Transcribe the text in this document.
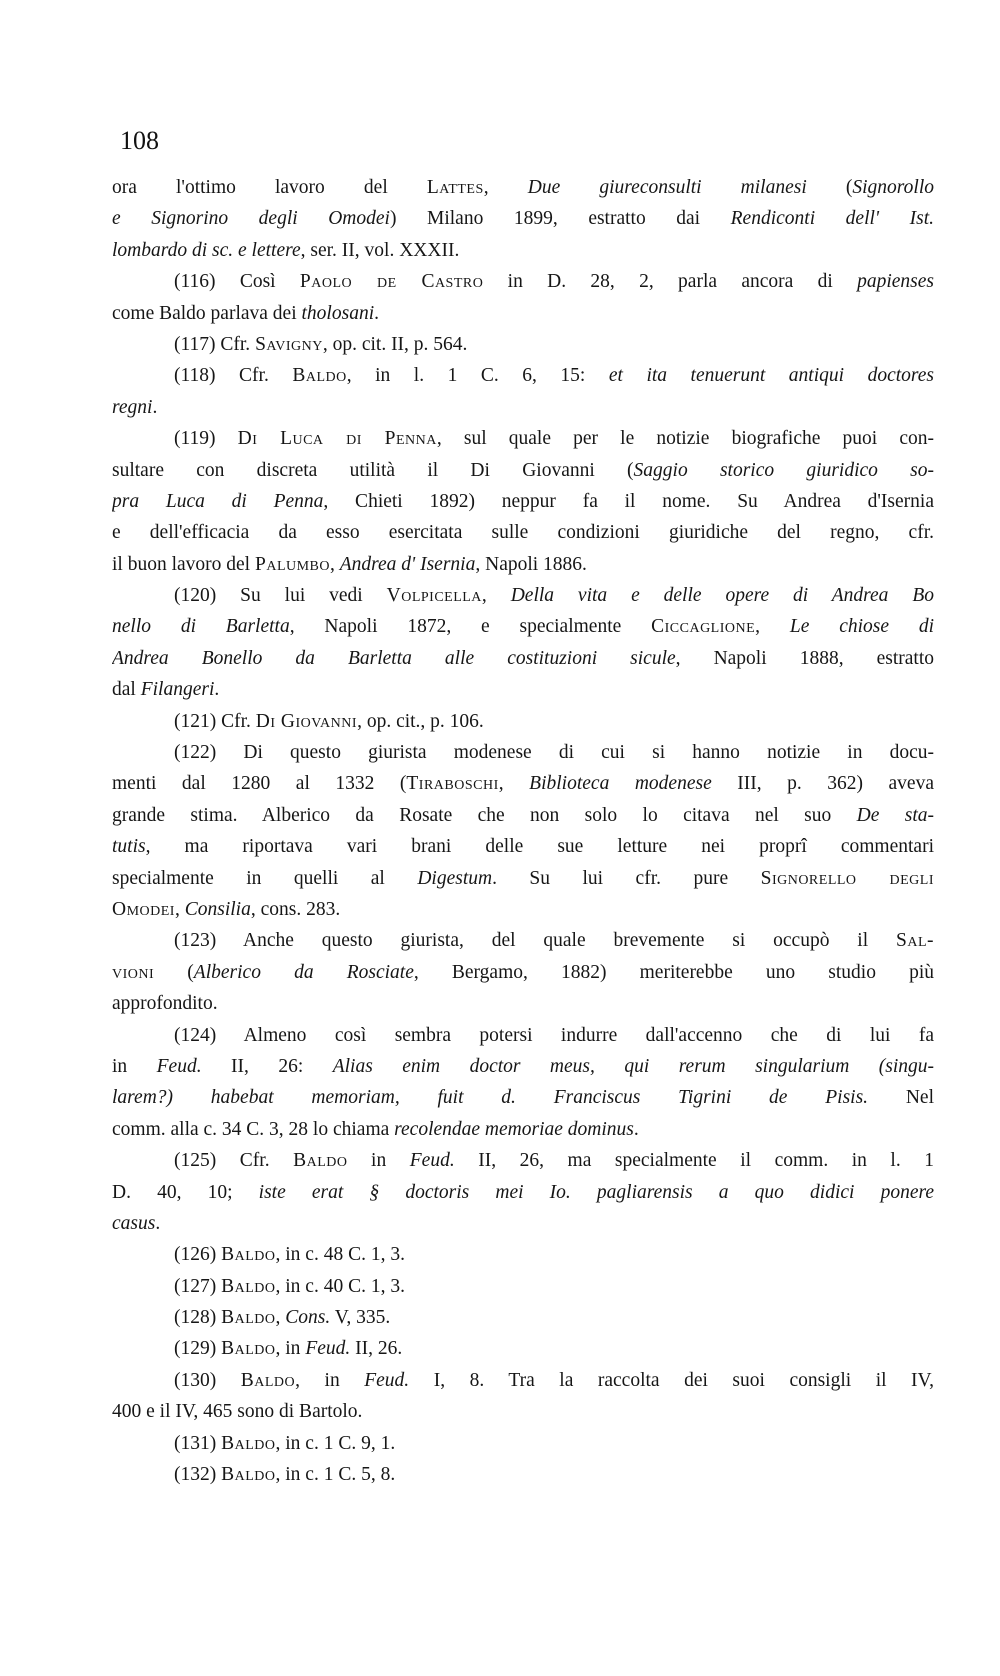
108

ora l'ottimo lavoro del Lattes, Due giureconsulti milanesi (Signorollo
e Signorino degli Omodei) Milano 1899, estratto dai Rendiconti dell' Ist.
lombardo di sc. e lettere, ser. II, vol. XXXII.
(116) Così Paolo de Castro in D. 28, 2, parla ancora di papienses
come Baldo parlava dei tholosani.
(117) Cfr. Savigny, op. cit. II, p. 564.
(118) Cfr. Baldo, in l. 1 C. 6, 15: et ita tenuerunt antiqui doctores
regni.
(119) Di Luca di Penna, sul quale per le notizie biografiche puoi con-
sultare con discreta utilità il Di Giovanni (Saggio storico giuridico so-
pra Luca di Penna, Chieti 1892) neppur fa il nome. Su Andrea d'Isernia
e dell'efficacia da esso esercitata sulle condizioni giuridiche del regno, cfr.
il buon lavoro del Palumbo, Andrea d' Isernia, Napoli 1886.
(120) Su lui vedi Volpicella, Della vita e delle opere di Andrea Bo
nello di Barletta, Napoli 1872, e specialmente Ciccaglione, Le chiose di
Andrea Bonello da Barletta alle costituzioni sicule, Napoli 1888, estratto
dal Filangeri.
(121) Cfr. Di Giovanni, op. cit., p. 106.
(122) Di questo giurista modenese di cui si hanno notizie in docu-
menti dal 1280 al 1332 (Tiraboschi, Biblioteca modenese III, p. 362) aveva
grande stima. Alberico da Rosate che non solo lo citava nel suo De sta-
tutis, ma riportava vari brani delle sue letture nei proprî commentari
specialmente in quelli al Digestum. Su lui cfr. pure Signorello degli
Omodei, Consilia, cons. 283.
(123) Anche questo giurista, del quale brevemente si occupò il Sal-
vioni (Alberico da Rosciate, Bergamo, 1882) meriterebbe uno studio più
approfondito.
(124) Almeno così sembra potersi indurre dall'accenno che di lui fa
in Feud. II, 26: Alias enim doctor meus, qui rerum singularium (singu-
larem?) habebat memoriam, fuit d. Franciscus Tigrini de Pisis. Nel
comm. alla c. 34 C. 3, 28 lo chiama recolendae memoriae dominus.
(125) Cfr. Baldo in Feud. II, 26, ma specialmente il comm. in l. 1
D. 40, 10; iste erat § doctoris mei Io. pagliarensis a quo didici ponere
casus.
(126) Baldo, in c. 48 C. 1, 3.
(127) Baldo, in c. 40 C. 1, 3.
(128) Baldo, Cons. V, 335.
(129) Baldo, in Feud. II, 26.
(130) Baldo, in Feud. I, 8. Tra la raccolta dei suoi consigli il IV,
400 e il IV, 465 sono di Bartolo.
(131) Baldo, in c. 1 C. 9, 1.
(132) Baldo, in c. 1 C. 5, 8.
